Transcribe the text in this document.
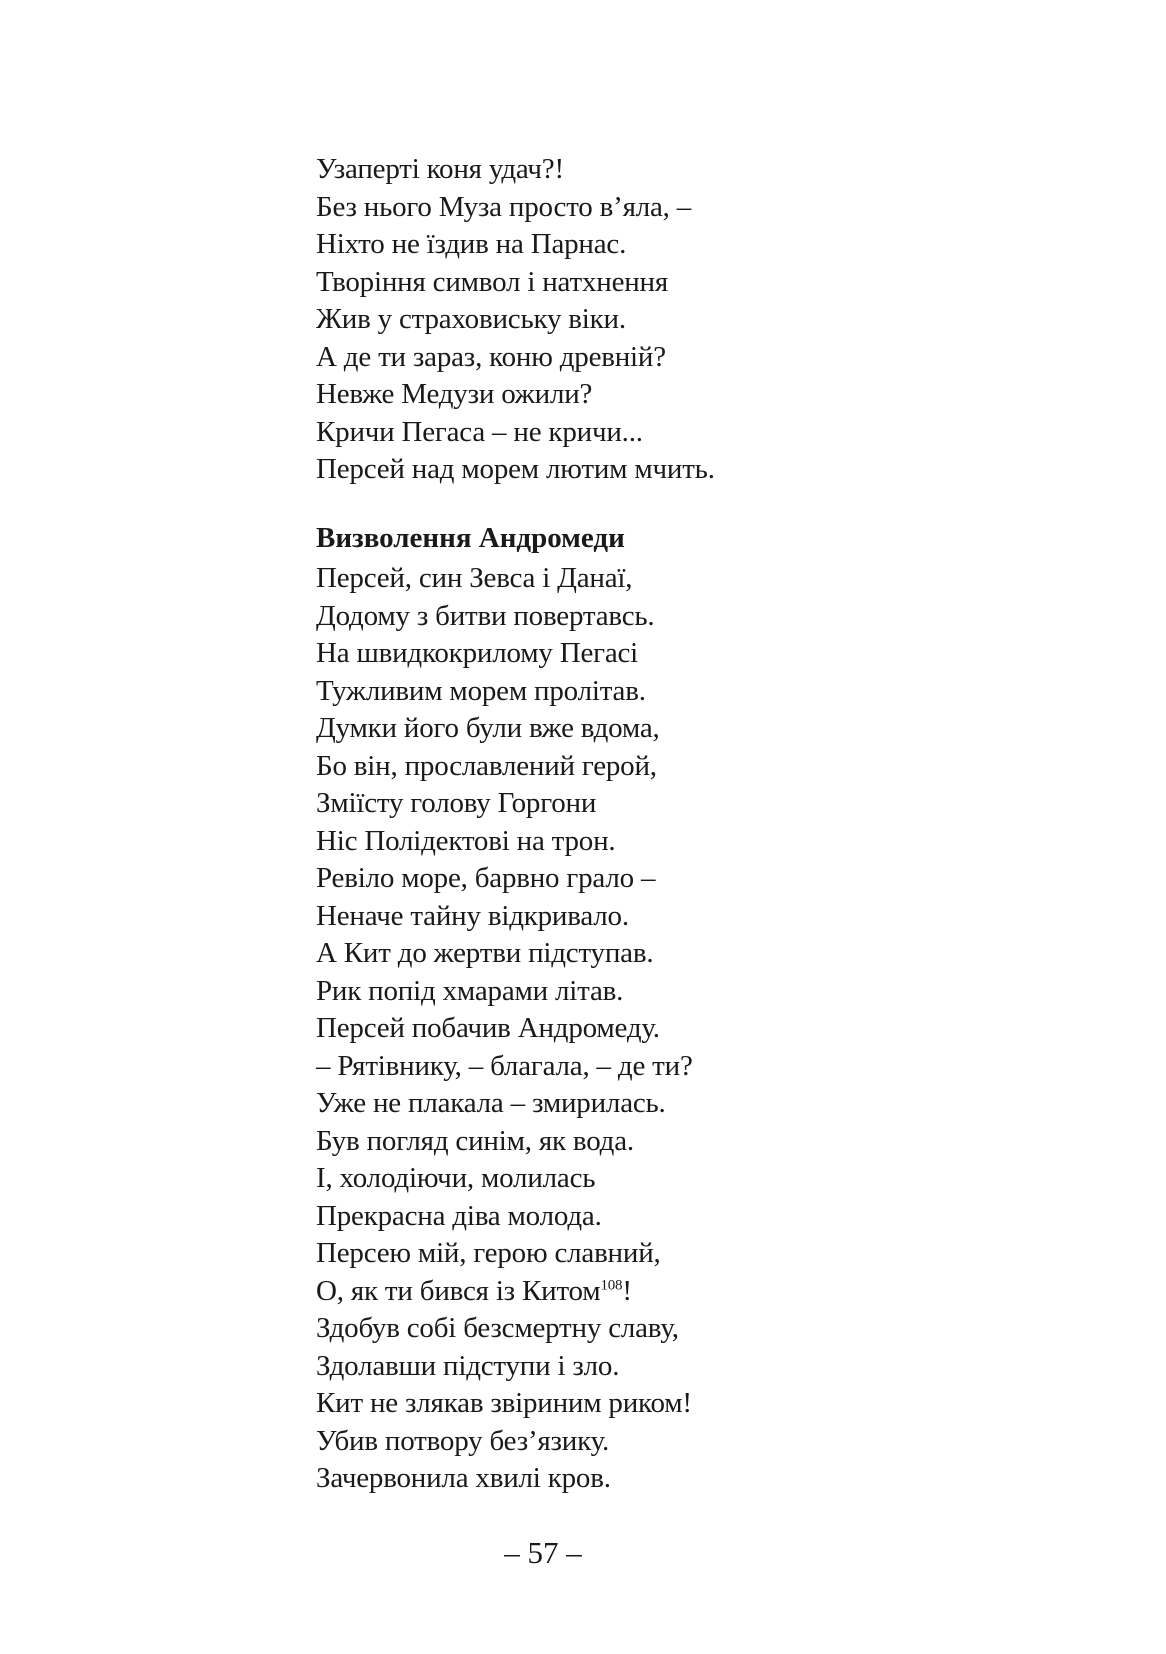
Узаперті коня удач?!
Без нього Муза просто в’яла, –
Ніхто не їздив на Парнас.
Творіння символ і натхнення
Жив у страховиську віки.
А де ти зараз, коню древній?
Невже Медузи ожили?
Кричи Пегаса – не кричи...
Персей над морем лютим мчить.
Визволення Андромеди
Персей, син Зевса і Данаї,
Додому з битви повертавсь.
На швидкокрилому Пегасі
Тужливим морем пролітав.
Думки його були вже вдома,
Бо він, прославлений герой,
Зміїсту голову Горгони
Ніс Полідектові на трон.
Ревіло море, барвно грало –
Неначе тайну відкривало.
А Кит до жертви підступав.
Рик попід хмарами літав.
Персей побачив Андромеду.
– Рятівнику, – благала, – де ти?
Уже не плакала – змирилась.
Був погляд синім, як вода.
І, холодіючи, молилась
Прекрасна діва молода.
Персею мій, герою славний,
О, як ти бився із Китом$^{108}$!
Здобув собі безсмертну славу,
Здолавши підступи і зло.
Кит не злякав звіриним риком!
Убив потвору без’язику.
Зачервонила хвилі кров.
– 57 –
